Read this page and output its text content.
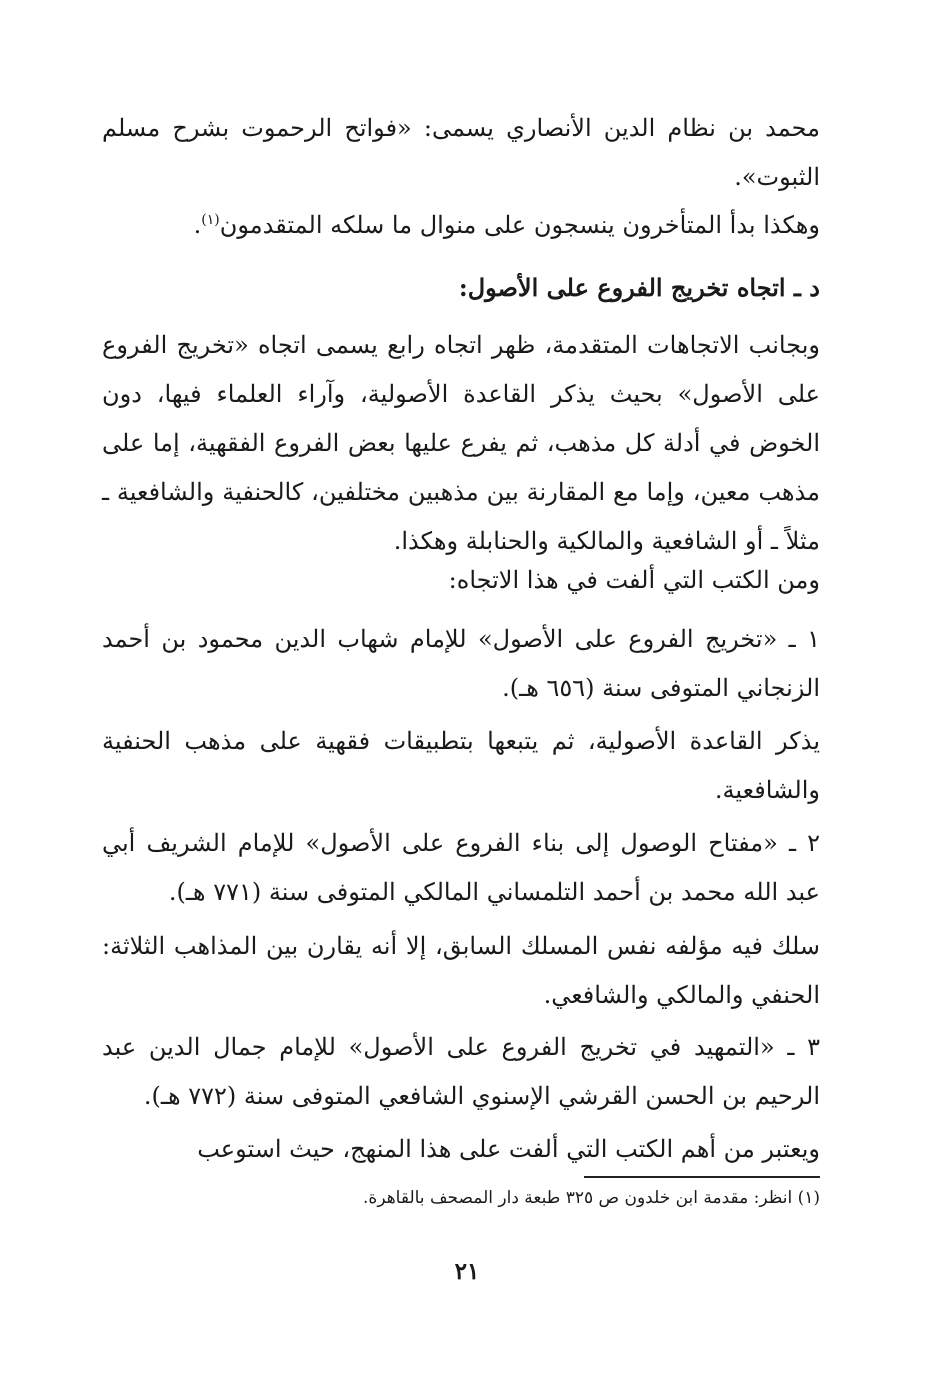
محمد بن نظام الدين الأنصاري يسمى: «فواتح الرحموت بشرح مسلم الثبوت».

وهكذا بدأ المتأخرون ينسجون على منوال ما سلكه المتقدمون$^{(١)}$.

د ـ اتجاه تخريج الفروع على الأصول:

وبجانب الاتجاهات المتقدمة، ظهر اتجاه رابع يسمى اتجاه «تخريج الفروع على الأصول» بحيث يذكر القاعدة الأصولية، وآراء العلماء فيها، دون الخوض في أدلة كل مذهب، ثم يفرع عليها بعض الفروع الفقهية، إما على مذهب معين، وإما مع المقارنة بين مذهبين مختلفين، كالحنفية والشافعية ـ مثلاً ـ أو الشافعية والمالكية والحنابلة وهكذا.

ومن الكتب التي ألفت في هذا الاتجاه:

١ ـ «تخريج الفروع على الأصول» للإمام شهاب الدين محمود بن أحمد الزنجاني المتوفى سنة (٦٥٦ هـ).

يذكر القاعدة الأصولية، ثم يتبعها بتطبيقات فقهية على مذهب الحنفية والشافعية.

٢ ـ «مفتاح الوصول إلى بناء الفروع على الأصول» للإمام الشريف أبي عبد الله محمد بن أحمد التلمساني المالكي المتوفى سنة (٧٧١ هـ).

سلك فيه مؤلفه نفس المسلك السابق، إلا أنه يقارن بين المذاهب الثلاثة: الحنفي والمالكي والشافعي.

٣ ـ «التمهيد في تخريج الفروع على الأصول» للإمام جمال الدين عبد الرحيم بن الحسن القرشي الإسنوي الشافعي المتوفى سنة (٧٧٢ هـ).

ويعتبر من أهم الكتب التي ألفت على هذا المنهج، حيث استوعب

(١) انظر: مقدمة ابن خلدون ص ٣٢٥ طبعة دار المصحف بالقاهرة.

٢١
